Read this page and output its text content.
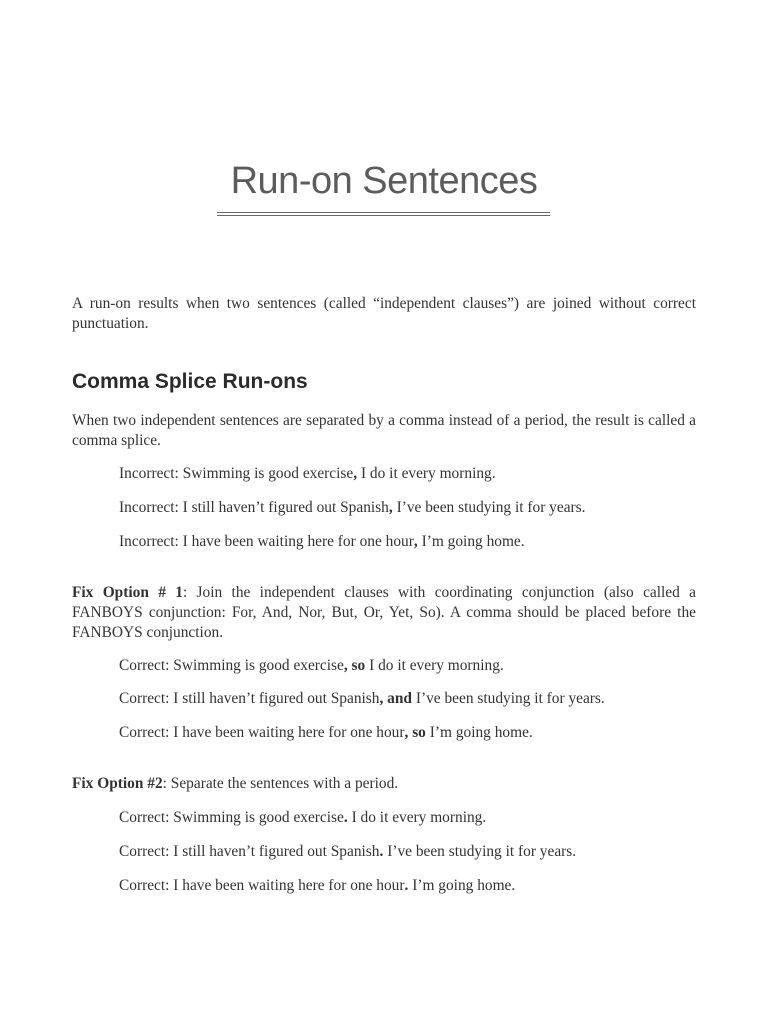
Run-on Sentences
A run-on results when two sentences (called “independent clauses”) are joined without correct punctuation.
Comma Splice Run-ons
When two independent sentences are separated by a comma instead of a period, the result is called a comma splice.
Incorrect: Swimming is good exercise, I do it every morning.
Incorrect: I still haven’t figured out Spanish, I’ve been studying it for years.
Incorrect: I have been waiting here for one hour, I’m going home.
Fix Option # 1: Join the independent clauses with coordinating conjunction (also called a FANBOYS conjunction: For, And, Nor, But, Or, Yet, So). A comma should be placed before the FANBOYS conjunction.
Correct: Swimming is good exercise, so I do it every morning.
Correct: I still haven’t figured out Spanish, and I’ve been studying it for years.
Correct: I have been waiting here for one hour, so I’m going home.
Fix Option #2: Separate the sentences with a period.
Correct: Swimming is good exercise. I do it every morning.
Correct: I still haven’t figured out Spanish. I’ve been studying it for years.
Correct: I have been waiting here for one hour. I’m going home.
